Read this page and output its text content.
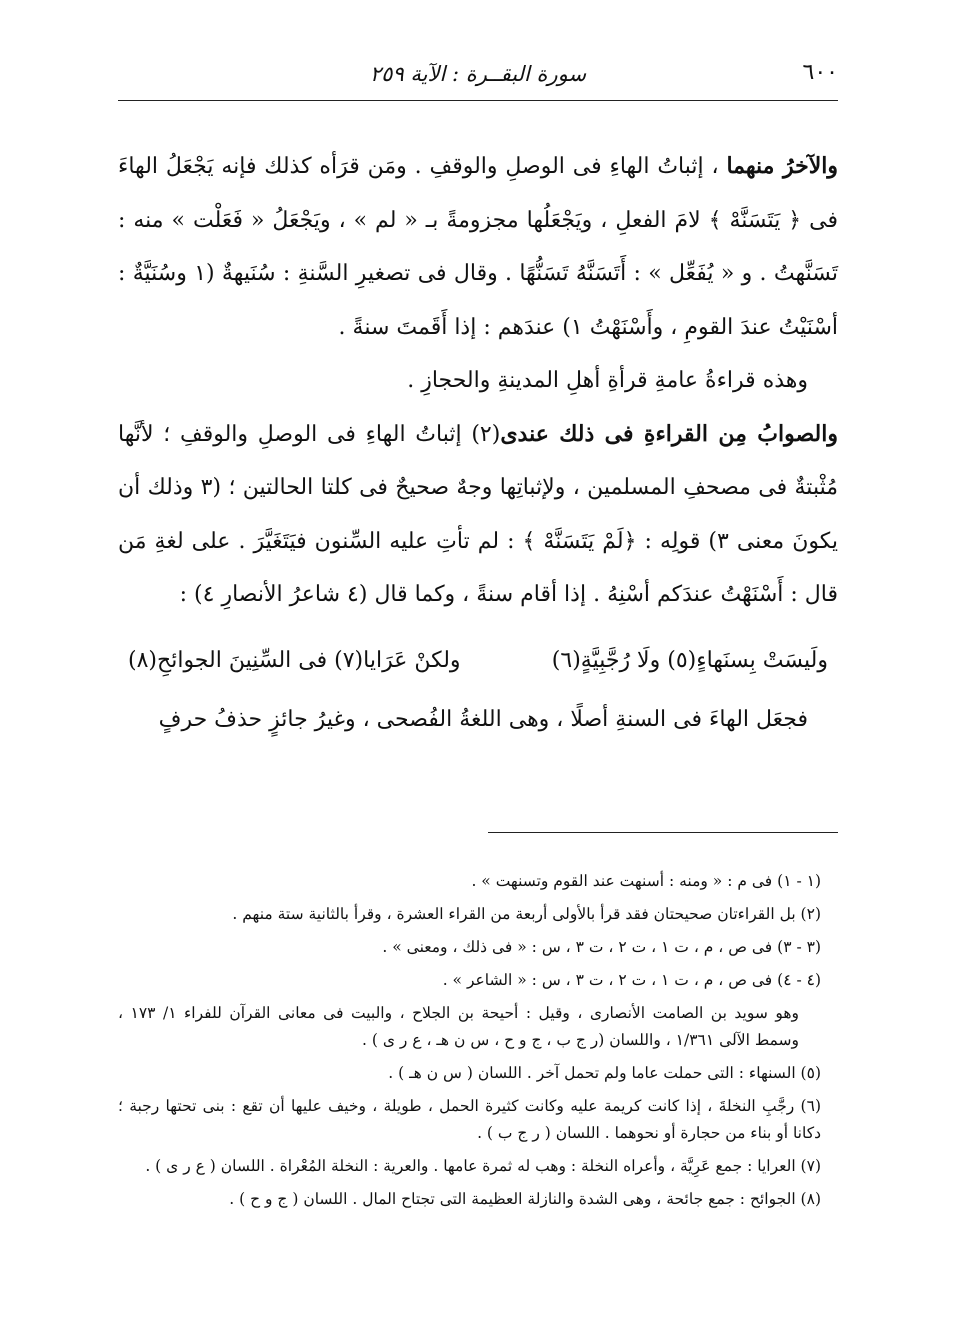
٦٠٠
سورة البقــرة : الآية ٢٥٩

والآخرُ منهما ، إثباتُ الهاءِ فى الوصلِ والوقفِ . ومَن قرَأه كذلك فإنه يَجْعَلُ الهاءَ فى ﴿ يَتَسَنَّهْ ﴾ لامَ الفعلِ ، ويَجْعَلُها مجزومةً بـ « لم » ، ويَجْعَلُ « فَعَلْت » منه : تَسَنَّهتُ . و « يُفَعِّل » : أَتَسَنَّهُ تَسَنُّهًا . وقال فى تصغيرِ السَّنةِ : سُنَيهةٌ (١ وسُنَيَّةٌ : أسْنَيْتُ عندَ القومِ ، وأَسْنَهْتُ ١) عندَهم : إذا أَقَمتَ سنةً .

وهذه قراءةُ عامةِ قرأةِ أهلِ المدينةِ والحجازِ .

والصوابُ مِن القراءةِ فى ذلك عندى(٢) إثباتُ الهاءِ فى الوصلِ والوقفِ ؛ لأنَّها مُثْبتةٌ فى مصحفِ المسلمين ، ولإثباتِها وجهٌ صحيحٌ فى كلتا الحالتين ؛ (٣ وذلك أن يكونَ معنى ٣) قولِه : ﴿لَمْ يَتَسَنَّهْ ﴾ : لم تأتِ عليه السِّنون فيَتَغَيَّرَ . على لغةِ مَن قال : أَسْنَهْتُ عندَكم أسْنِهُ . إذا أقام سنةً ، وكما قال (٤ شاعرُ الأنصارِ ٤) :

ولَيسَتْ بِسنَهاءٍ(٥) ولَا رُجَّبِيَّةٍ(٦)
ولكنْ عَرَايا(٧) فى السِّنِينَ الجوائحِ(٨)

فجعَل الهاءَ فى السنةِ أصلًا ، وهى اللغةُ الفُصحى ، وغيرُ جائزٍ حذفُ حرفٍ

(١ - ١) فى م : « ومنه : أسنهت عند القوم وتسنهت » .
(٢) بل القراءتان صحيحتان فقد قرأ بالأولى أربعة من القراء العشرة ، وقرأ بالثانية ستة منهم .
(٣ - ٣) فى ص ، م ، ت ١ ، ت ٢ ، ت ٣ ، س : « فى ذلك ، ومعنى » .
(٤ - ٤) فى ص ، م ، ت ١ ، ت ٢ ، ت ٣ ، س : « الشاعر » .
وهو سويد بن الصامت الأنصارى ، وقيل : أحيحة بن الجلاح ، والبيت فى معانى القرآن للفراء ١/ ١٧٣ ، وسمط الآلى ١/٣٦١ ، واللسان (ر ج ب ، ج و ح ، س ن هـ ، ع ر ى ) .
(٥) السنهاء : التى حملت عاما ولم تحمل آخر . اللسان ( س ن هـ ) .
(٦) رجَّبِ النخلةَ ، إذا كانت كريمة عليه وكانت كثيرة الحمل ، طويلة ، وخيف عليها أن تقع : بنى تحتها رجبة ؛ دكانا أو بناء من حجارة أو نحوهما . اللسان ( ر ج ب ) .
(٧) العرايا : جمع عَرِيَّة ، وأعراه النخلة : وهب له ثمرة عامها . والعرية : النخلة المُعْراة . اللسان ( ع ر ى ) .
(٨) الجوائح : جمع جائحة ، وهى الشدة والنازلة العظيمة التى تجتاح المال . اللسان ( ج و ح ) .
